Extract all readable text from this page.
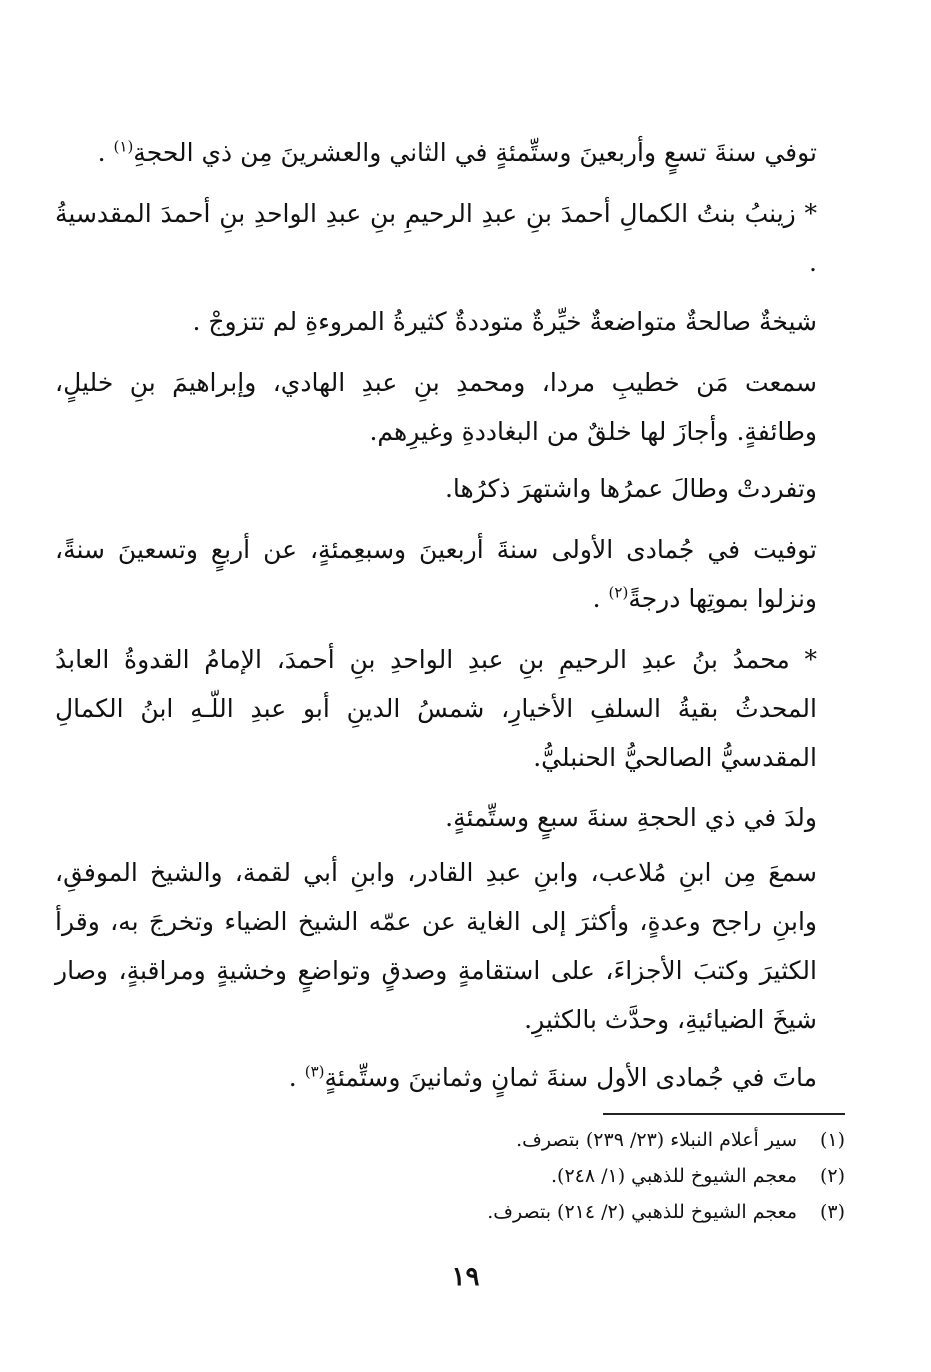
توفي سنةَ تسعٍ وأربعينَ وستِّمئةٍ في الثاني والعشرينَ مِن ذي الحجةِ$^{(١)}$ .
* زينبُ بنتُ الكمالِ أحمدَ بنِ عبدِ الرحيمِ بنِ عبدِ الواحدِ بنِ أحمدَ المقدسيةُ .
شيخةٌ صالحةٌ متواضعةٌ خيِّرةٌ متوددةٌ كثيرةُ المروءةِ لم تتزوجْ .
سمعت مَن خطيبِ مردا، ومحمدِ بنِ عبدِ الهادي، وإبراهيمَ بنِ خليلٍ، وطائفةٍ. وأجازَ لها خلقٌ من البغاددةِ وغيرِهم.
وتفردتْ وطالَ عمرُها واشتهرَ ذكرُها.
توفيت في جُمادى الأولى سنةَ أربعينَ وسبعِمئةٍ، عن أربعٍ وتسعينَ سنةً، ونزلوا بموتِها درجةً$^{(٢)}$ .
* محمدُ بنُ عبدِ الرحيمِ بنِ عبدِ الواحدِ بنِ أحمدَ، الإمامُ القدوةُ العابدُ المحدثُ بقيةُ السلفِ الأخيارِ، شمسُ الدينِ أبو عبدِ اللّـهِ ابنُ الكمالِ المقدسيُّ الصالحيُّ الحنبليُّ.
ولدَ في ذي الحجةِ سنةَ سبعٍ وستِّمئةٍ.
سمعَ مِن ابنِ مُلاعب، وابنِ عبدِ القادر، وابنِ أبي لقمة، والشيخ الموفقِ، وابنِ راجح وعدةٍ، وأكثرَ إلى الغاية عن عمّه الشيخ الضياء وتخرجَ به، وقرأ الكثيرَ وكتبَ الأجزاءَ، على استقامةٍ وصدقٍ وتواضعٍ وخشيةٍ ومراقبةٍ، وصار شيخَ الضيائيةِ، وحدَّث بالكثيرِ.
ماتَ في جُمادى الأول سنةَ ثمانٍ وثمانينَ وستِّمئةٍ$^{(٣)}$ .
(١)سير أعلام النبلاء (٢٣/ ٢٣٩) بتصرف.
(٢)معجم الشيوخ للذهبي (١/ ٢٤٨).
(٣)معجم الشيوخ للذهبي (٢/ ٢١٤) بتصرف.
١٩
